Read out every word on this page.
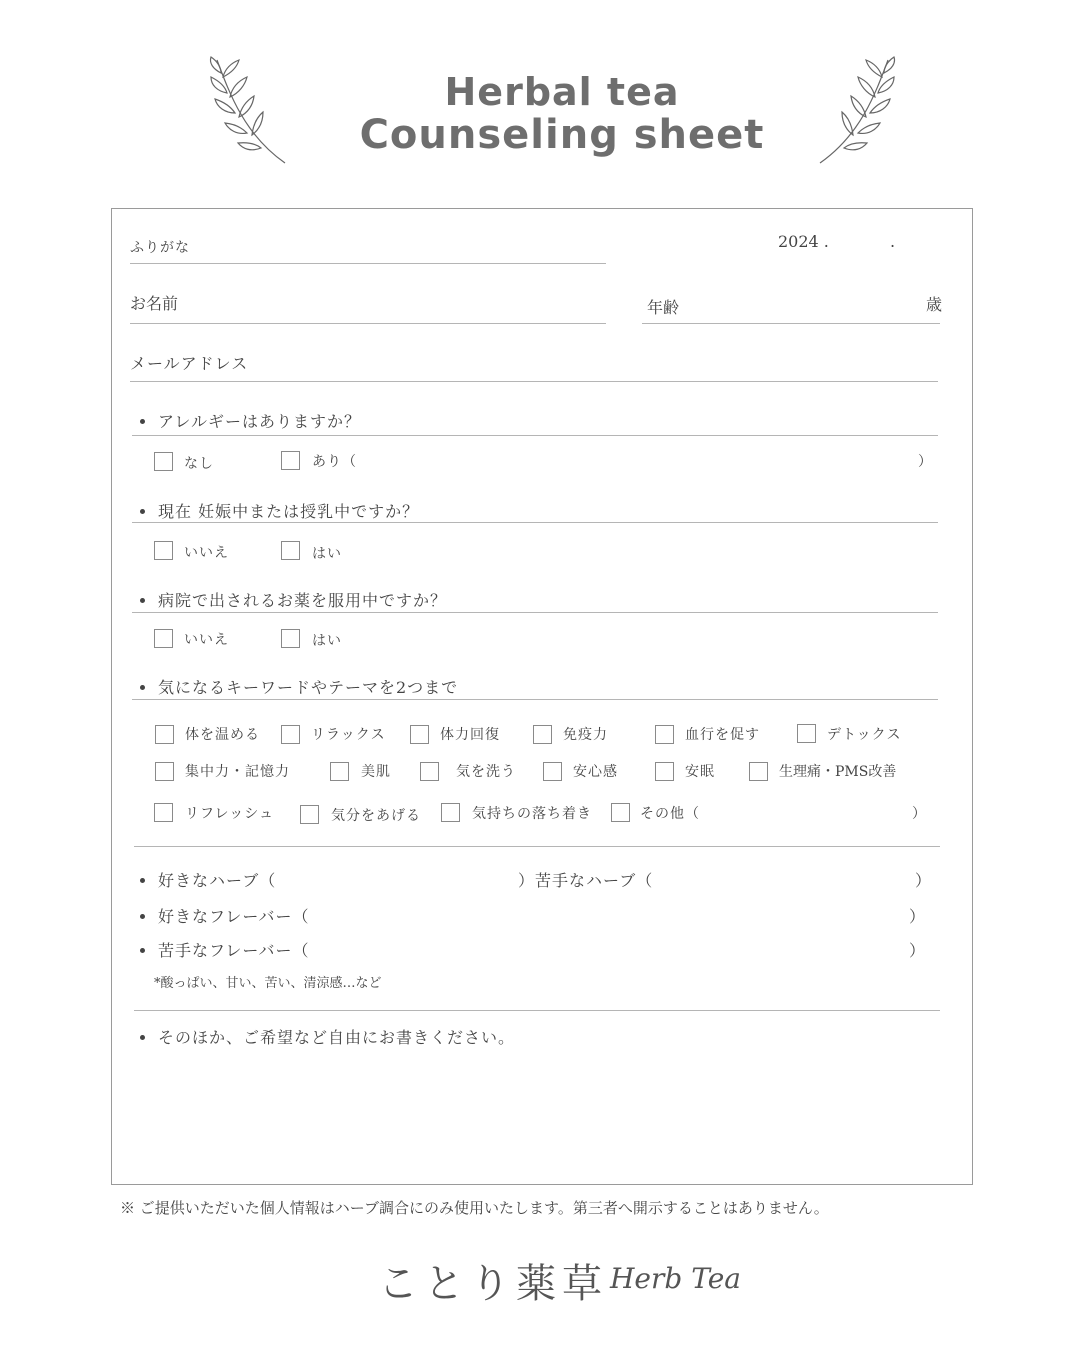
Herbal tea
Counseling sheet
ふりがな	2024 .	.
お名前	年齢	歳
メールアドレス
アレルギーはありますか？
なし	あり（	）
現在 妊娠中または授乳中ですか？
いいえ	はい
病院で出されるお薬を服用中ですか？
いいえ	はい
気になるキーワードやテーマを2つまで
体を温める	リラックス	体力回復	免疫力	血行を促す	デトックス
集中力・記憶力	美肌	気を洗う	安心感	安眠	生理痛・PMS改善
リフレッシュ	気分をあげる	気持ちの落ち着き	その他（	）
好きなハーブ（	）苦手なハーブ（	）
好きなフレーバー（	）
苦手なフレーバー（	）
*酸っぱい、甘い、苦い、清涼感…など
そのほか、ご希望など自由にお書きください。
※ ご提供いただいた個人情報はハーブ調合にのみ使用いたします。第三者へ開示することはありません。
ことり薬草 Herb Tea
